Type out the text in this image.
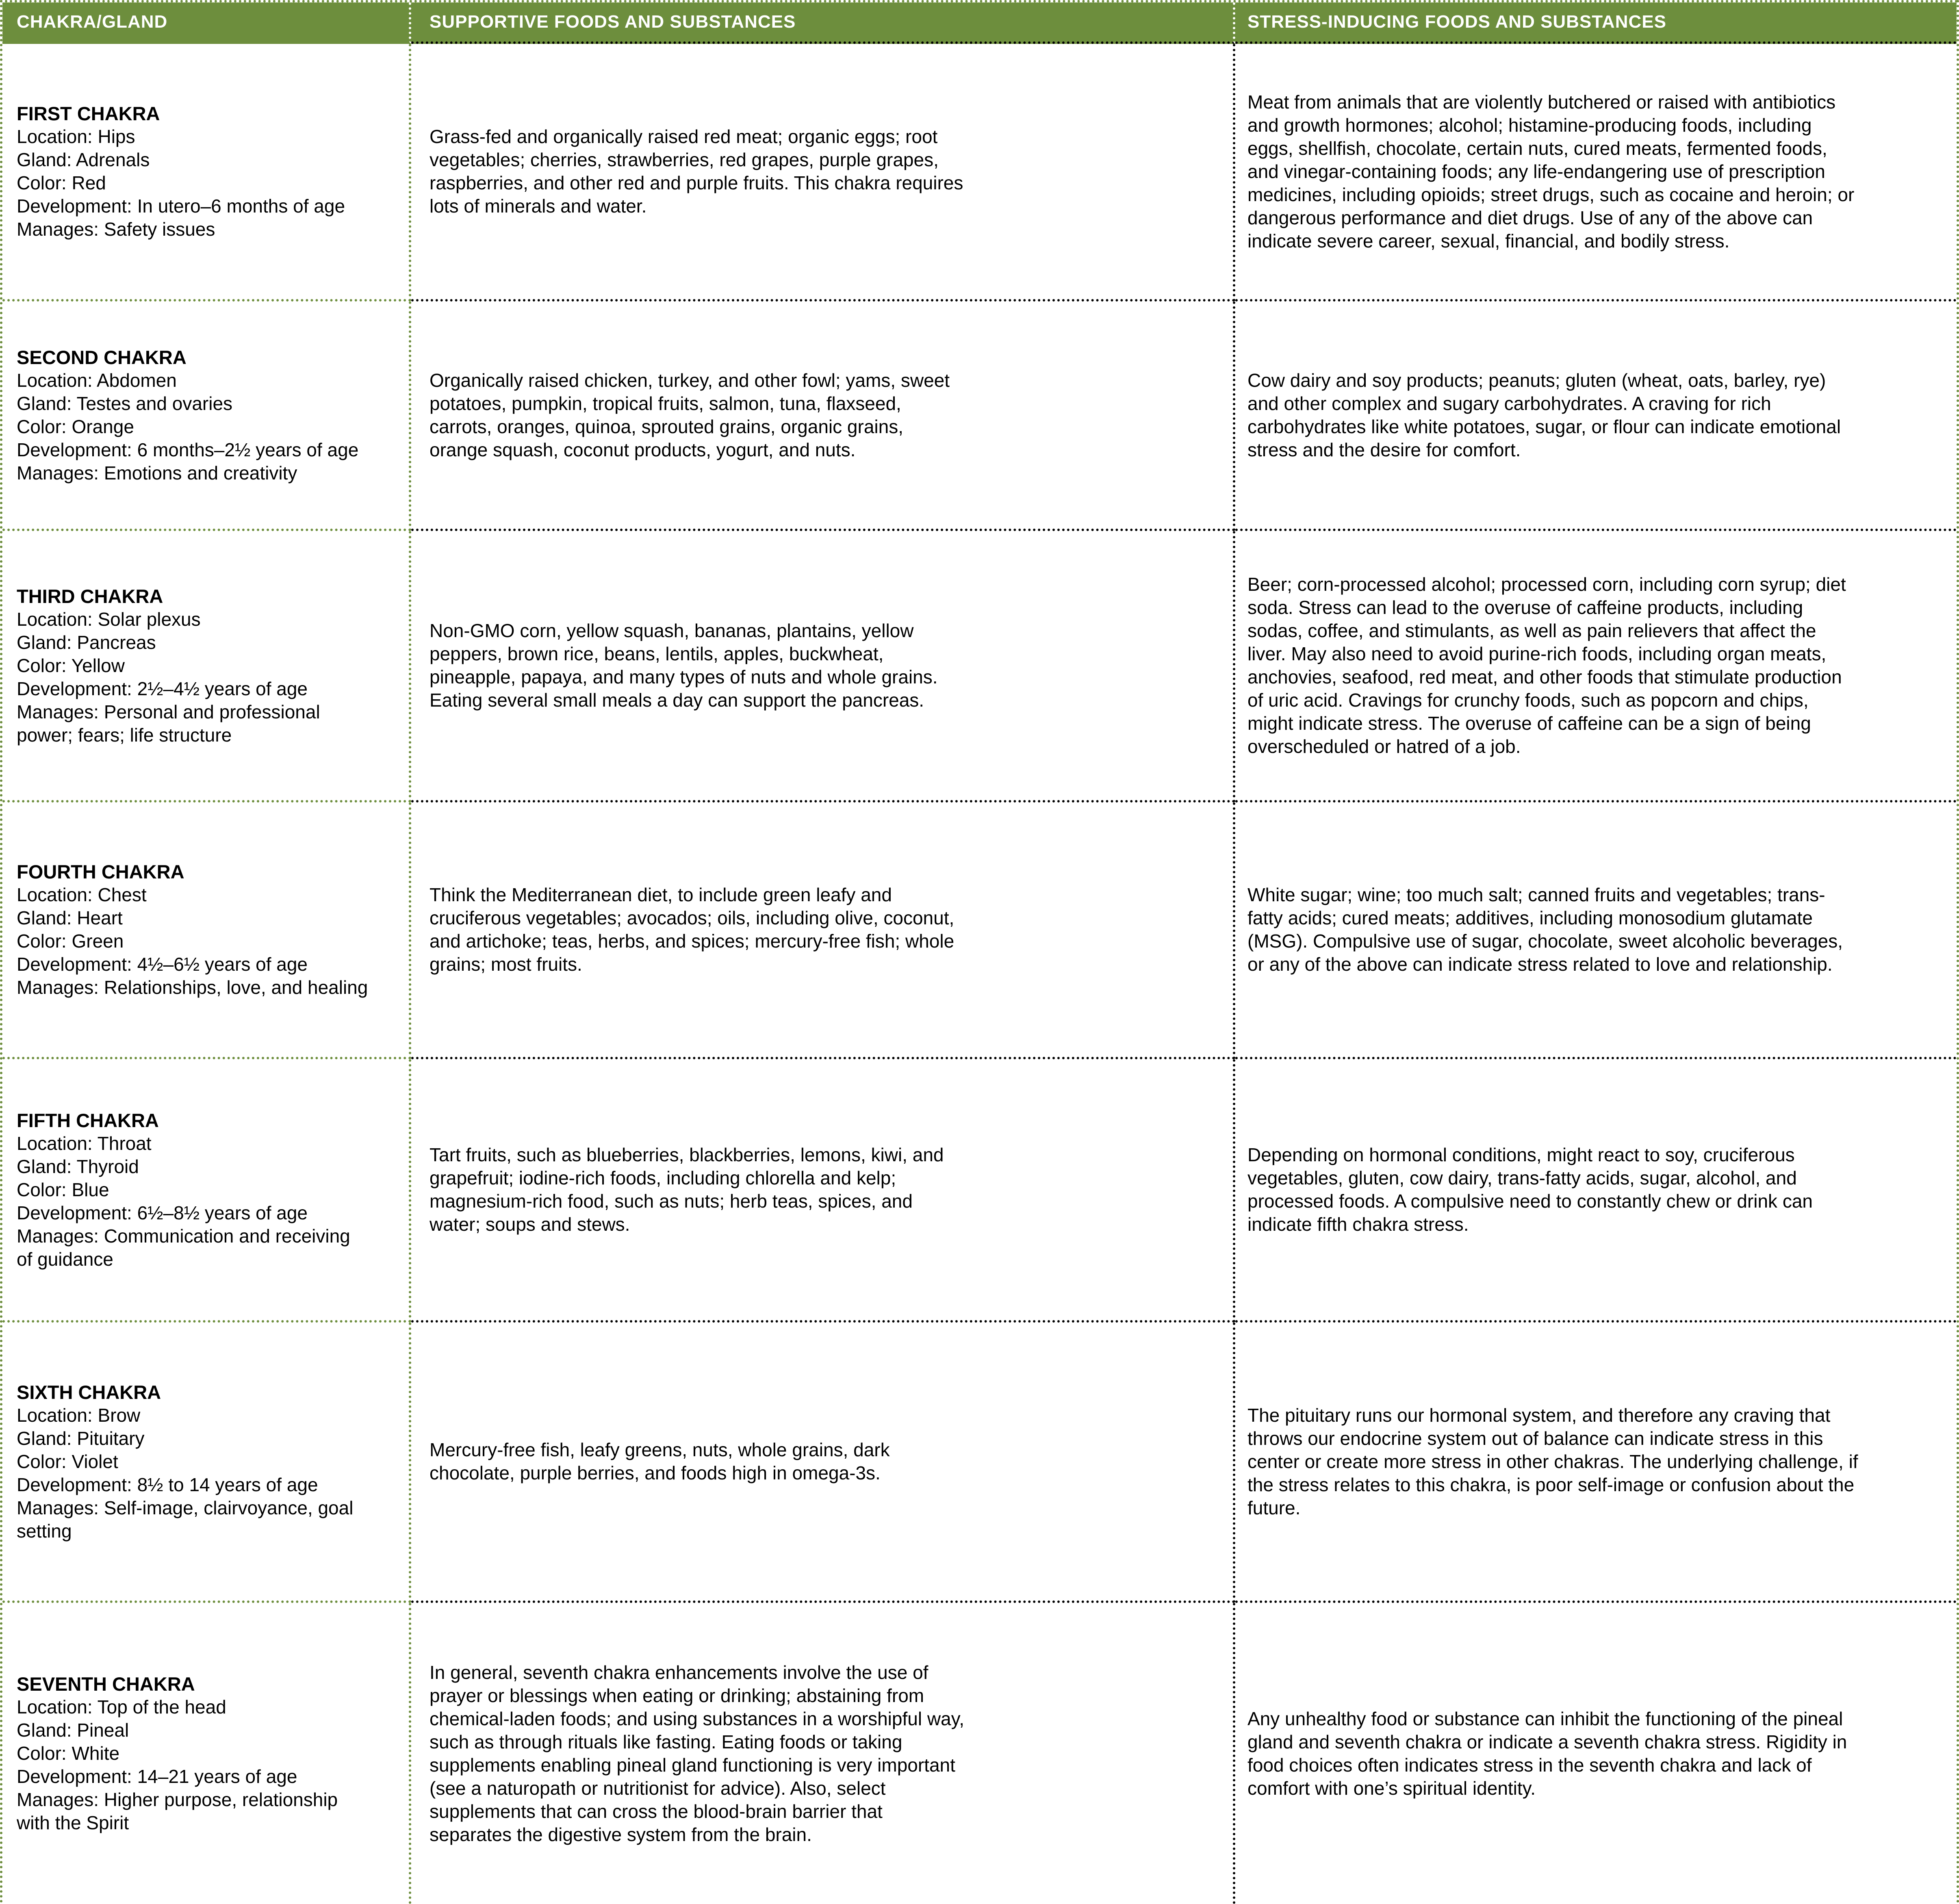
CHAKRA/GLAND	SUPPORTIVE FOODS AND SUBSTANCES	STRESS-INDUCING FOODS AND SUBSTANCES
FIRST CHAKRA
Location: Hips
Gland: Adrenals
Color: Red
Development: In utero–6 months of age
Manages: Safety issues

Grass-fed and organically raised red meat; organic eggs; root vegetables; cherries, strawberries, red grapes, purple grapes, raspberries, and other red and purple fruits. This chakra requires lots of minerals and water.

Meat from animals that are violently butchered or raised with antibiotics and growth hormones; alcohol; histamine-producing foods, including eggs, shellfish, chocolate, certain nuts, cured meats, fermented foods, and vinegar-containing foods; any life-endangering use of prescription medicines, including opioids; street drugs, such as cocaine and heroin; or dangerous performance and diet drugs. Use of any of the above can indicate severe career, sexual, financial, and bodily stress.

SECOND CHAKRA
Location: Abdomen
Gland: Testes and ovaries
Color: Orange
Development: 6 months–2½ years of age
Manages: Emotions and creativity

Organically raised chicken, turkey, and other fowl; yams, sweet potatoes, pumpkin, tropical fruits, salmon, tuna, flaxseed, carrots, oranges, quinoa, sprouted grains, organic grains, orange squash, coconut products, yogurt, and nuts.

Cow dairy and soy products; peanuts; gluten (wheat, oats, barley, rye) and other complex and sugary carbohydrates. A craving for rich carbohydrates like white potatoes, sugar, or flour can indicate emotional stress and the desire for comfort.

THIRD CHAKRA
Location: Solar plexus
Gland: Pancreas
Color: Yellow
Development: 2½–4½ years of age
Manages: Personal and professional power; fears; life structure

Non-GMO corn, yellow squash, bananas, plantains, yellow peppers, brown rice, beans, lentils, apples, buckwheat, pineapple, papaya, and many types of nuts and whole grains. Eating several small meals a day can support the pancreas.

Beer; corn-processed alcohol; processed corn, including corn syrup; diet soda. Stress can lead to the overuse of caffeine products, including sodas, coffee, and stimulants, as well as pain relievers that affect the liver. May also need to avoid purine-rich foods, including organ meats, anchovies, seafood, red meat, and other foods that stimulate production of uric acid. Cravings for crunchy foods, such as popcorn and chips, might indicate stress. The overuse of caffeine can be a sign of being overscheduled or hatred of a job.

FOURTH CHAKRA
Location: Chest
Gland: Heart
Color: Green
Development: 4½–6½ years of age
Manages: Relationships, love, and healing

Think the Mediterranean diet, to include green leafy and cruciferous vegetables; avocados; oils, including olive, coconut, and artichoke; teas, herbs, and spices; mercury-free fish; whole grains; most fruits.

White sugar; wine; too much salt; canned fruits and vegetables; trans-fatty acids; cured meats; additives, including monosodium glutamate (MSG). Compulsive use of sugar, chocolate, sweet alcoholic beverages, or any of the above can indicate stress related to love and relationship.

FIFTH CHAKRA
Location: Throat
Gland: Thyroid
Color: Blue
Development: 6½–8½ years of age
Manages: Communication and receiving of guidance

Tart fruits, such as blueberries, blackberries, lemons, kiwi, and grapefruit; iodine-rich foods, including chlorella and kelp; magnesium-rich food, such as nuts; herb teas, spices, and water; soups and stews.

Depending on hormonal conditions, might react to soy, cruciferous vegetables, gluten, cow dairy, trans-fatty acids, sugar, alcohol, and processed foods. A compulsive need to constantly chew or drink can indicate fifth chakra stress.

SIXTH CHAKRA
Location: Brow
Gland: Pituitary
Color: Violet
Development: 8½ to 14 years of age
Manages: Self-image, clairvoyance, goal setting

Mercury-free fish, leafy greens, nuts, whole grains, dark chocolate, purple berries, and foods high in omega-3s.

The pituitary runs our hormonal system, and therefore any craving that throws our endocrine system out of balance can indicate stress in this center or create more stress in other chakras. The underlying challenge, if the stress relates to this chakra, is poor self-image or confusion about the future.

SEVENTH CHAKRA
Location: Top of the head
Gland: Pineal
Color: White
Development: 14–21 years of age
Manages: Higher purpose, relationship with the Spirit

In general, seventh chakra enhancements involve the use of prayer or blessings when eating or drinking; abstaining from chemical-laden foods; and using substances in a worshipful way, such as through rituals like fasting. Eating foods or taking supplements enabling pineal gland functioning is very important (see a naturopath or nutritionist for advice). Also, select supplements that can cross the blood-brain barrier that separates the digestive system from the brain.

Any unhealthy food or substance can inhibit the functioning of the pineal gland and seventh chakra or indicate a seventh chakra stress. Rigidity in food choices often indicates stress in the seventh chakra and lack of comfort with one’s spiritual identity.
